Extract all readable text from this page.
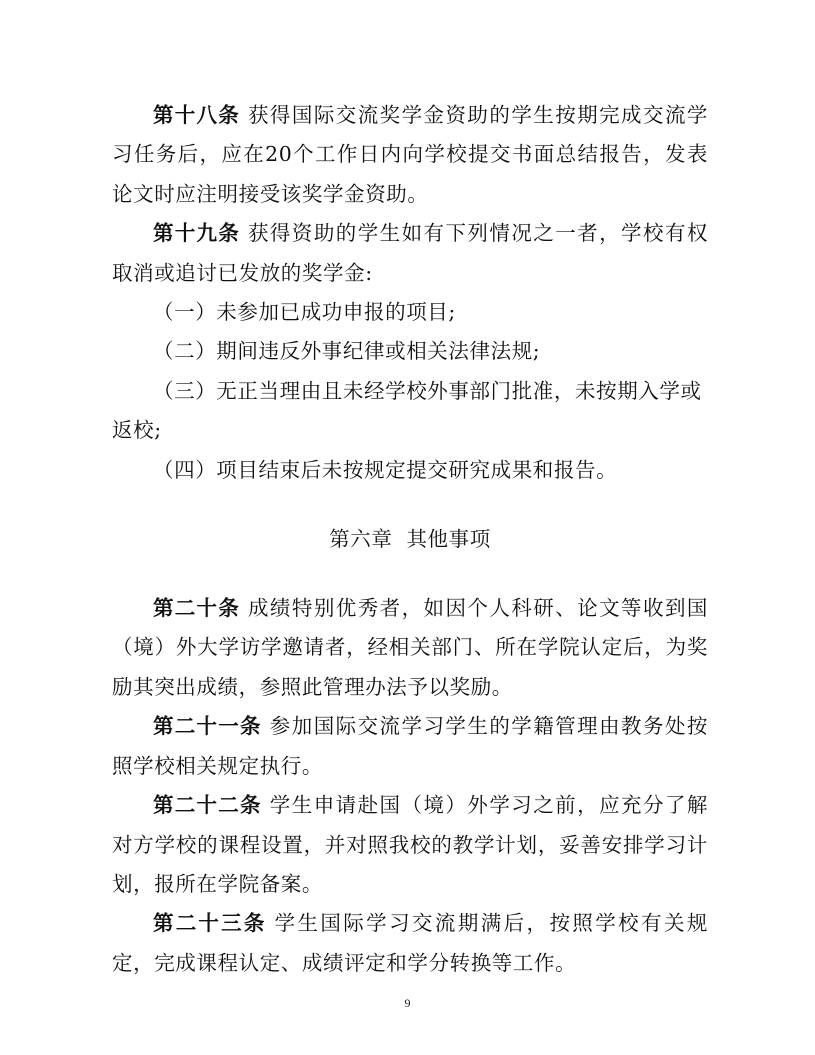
第十八条 获得国际交流奖学金资助的学生按期完成交流学习任务后，应在20个工作日内向学校提交书面总结报告，发表论文时应注明接受该奖学金资助。

第十九条 获得资助的学生如有下列情况之一者，学校有权取消或追讨已发放的奖学金:

（一）未参加已成功申报的项目;

（二）期间违反外事纪律或相关法律法规;

（三）无正当理由且未经学校外事部门批准，未按期入学或返校;

（四）项目结束后未按规定提交研究成果和报告。

第六章 其他事项

第二十条 成绩特别优秀者，如因个人科研、论文等收到国（境）外大学访学邀请者，经相关部门、所在学院认定后，为奖励其突出成绩，参照此管理办法予以奖励。

第二十一条 参加国际交流学习学生的学籍管理由教务处按照学校相关规定执行。

第二十二条 学生申请赴国（境）外学习之前，应充分了解对方学校的课程设置，并对照我校的教学计划，妥善安排学习计划，报所在学院备案。

第二十三条 学生国际学习交流期满后，按照学校有关规定，完成课程认定、成绩评定和学分转换等工作。

9
